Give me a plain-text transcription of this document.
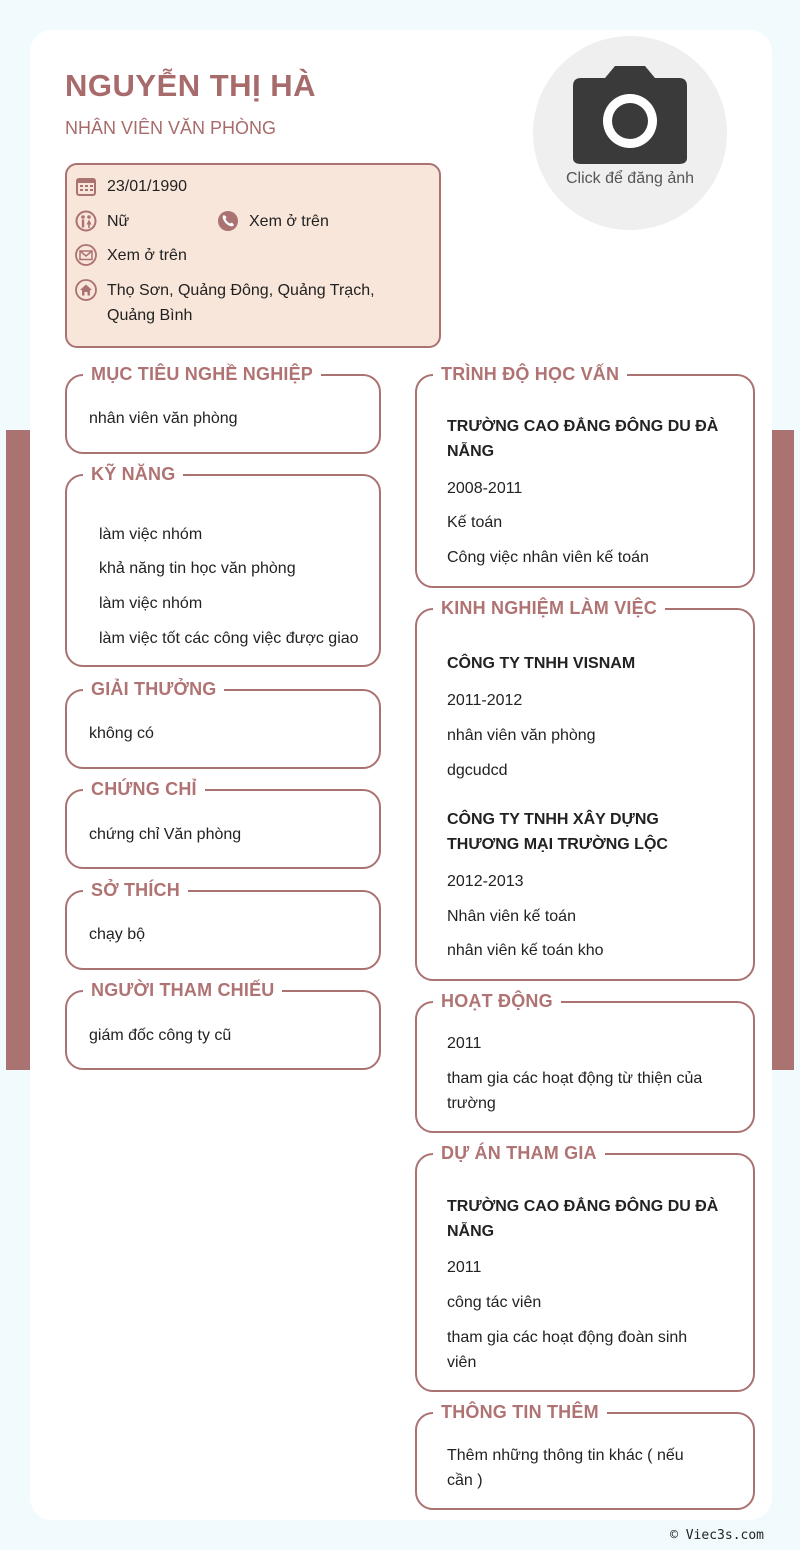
NGUYỄN THỊ HÀ
NHÂN VIÊN VĂN PHÒNG
Click để đăng ảnh
23/01/1990
Nữ	Xem ở trên
Xem ở trên
Thọ Sơn, Quảng Đông, Quảng Trạch,
Quảng Bình
MỤC TIÊU NGHỀ NGHIỆP
nhân viên văn phòng
KỸ NĂNG
làm việc nhóm
khả năng tin học văn phòng
làm việc nhóm
làm việc tốt các công việc được giao
GIẢI THƯỞNG
không có
CHỨNG CHỈ
chứng chỉ Văn phòng
SỞ THÍCH
chạy bộ
NGƯỜI THAM CHIẾU
giám đốc công ty cũ
TRÌNH ĐỘ HỌC VẤN
TRƯỜNG CAO ĐẲNG ĐÔNG DU ĐÀ
NẴNG
2008-2011
Kế toán
Công việc nhân viên kế toán
KINH NGHIỆM LÀM VIỆC
CÔNG TY TNHH VISNAM
2011-2012
nhân viên văn phòng
dgcudcd
CÔNG TY TNHH XÂY DỰNG
THƯƠNG MẠI TRƯỜNG LỘC
2012-2013
Nhân viên kế toán
nhân viên kế toán kho
HOẠT ĐỘNG
2011
tham gia các hoạt động từ thiện của
trường
DỰ ÁN THAM GIA
TRƯỜNG CAO ĐẲNG ĐÔNG DU ĐÀ
NẴNG
2011
công tác viên
tham gia các hoạt động đoàn sinh
viên
THÔNG TIN THÊM
Thêm những thông tin khác ( nếu
cần )
© Viec3s.com
